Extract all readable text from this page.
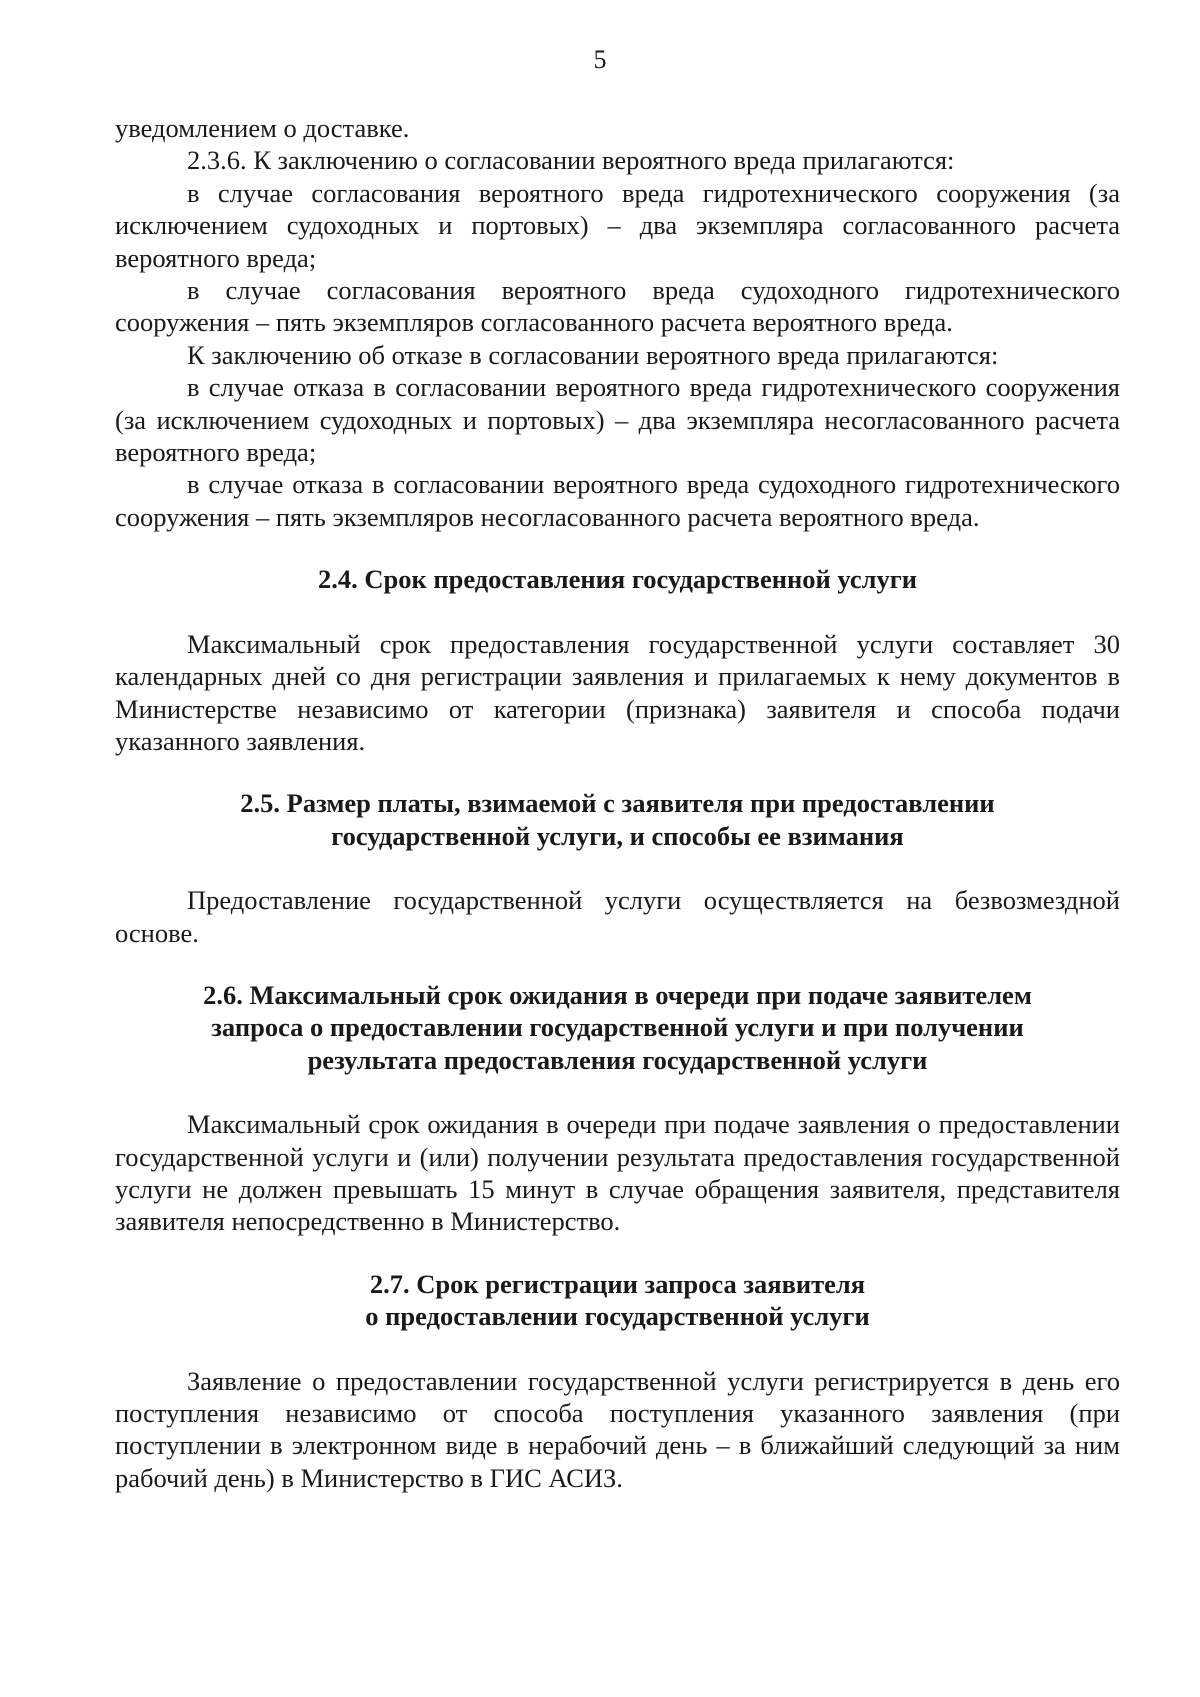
5

уведомлением о доставке.

2.3.6. К заключению о согласовании вероятного вреда прилагаются:

в случае согласования вероятного вреда гидротехнического сооружения (за исключением судоходных и портовых) – два экземпляра согласованного расчета вероятного вреда;

в случае согласования вероятного вреда судоходного гидротехнического сооружения – пять экземпляров согласованного расчета вероятного вреда.

К заключению об отказе в согласовании вероятного вреда прилагаются:

в случае отказа в согласовании вероятного вреда гидротехнического сооружения (за исключением судоходных и портовых) – два экземпляра несогласованного расчета вероятного вреда;

в случае отказа в согласовании вероятного вреда судоходного гидротехнического сооружения – пять экземпляров несогласованного расчета вероятного вреда.

2.4. Срок предоставления государственной услуги

Максимальный срок предоставления государственной услуги составляет 30 календарных дней со дня регистрации заявления и прилагаемых к нему документов в Министерстве независимо от категории (признака) заявителя и способа подачи указанного заявления.

2.5. Размер платы, взимаемой с заявителя при предоставлении
государственной услуги, и способы ее взимания

Предоставление государственной услуги осуществляется на безвозмездной основе.

2.6. Максимальный срок ожидания в очереди при подаче заявителем
запроса о предоставлении государственной услуги и при получении
результата предоставления государственной услуги

Максимальный срок ожидания в очереди при подаче заявления о предоставлении государственной услуги и (или) получении результата предоставления государственной услуги не должен превышать 15 минут в случае обращения заявителя, представителя заявителя непосредственно в Министерство.

2.7. Срок регистрации запроса заявителя
о предоставлении государственной услуги

Заявление о предоставлении государственной услуги регистрируется в день его поступления независимо от способа поступления указанного заявления (при поступлении в электронном виде в нерабочий день – в ближайший следующий за ним рабочий день) в Министерство в ГИС АСИЗ.
